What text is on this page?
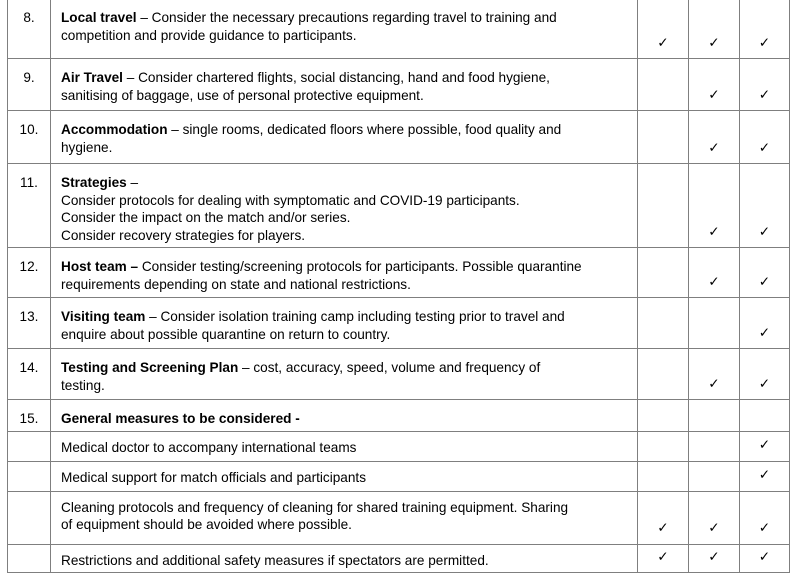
8.	Local travel – Consider the necessary precautions regarding travel to training and
competition and provide guidance to participants.	✓	✓	✓
9.	Air Travel – Consider chartered flights, social distancing, hand and food hygiene,
sanitising of baggage, use of personal protective equipment.		✓	✓
10.	Accommodation – single rooms, dedicated floors where possible, food quality and
hygiene.		✓	✓
11.	Strategies –
Consider protocols for dealing with symptomatic and COVID-19 participants.
Consider the impact on the match and/or series.
Consider recovery strategies for players.		✓	✓
12.	Host team – Consider testing/screening protocols for participants. Possible quarantine
requirements depending on state and national restrictions.		✓	✓
13.	Visiting team – Consider isolation training camp including testing prior to travel and
enquire about possible quarantine on return to country.			✓
14.	Testing and Screening Plan – cost, accuracy, speed, volume and frequency of
testing.		✓	✓
15.	General measures to be considered -			
	Medical doctor to accompany international teams			✓
	Medical support for match officials and participants			✓

	Cleaning protocols and frequency of cleaning for shared training equipment. Sharing
of equipment should be avoided where possible.	✓	✓	✓
	Restrictions and additional safety measures if spectators are permitted.	✓	✓	✓
